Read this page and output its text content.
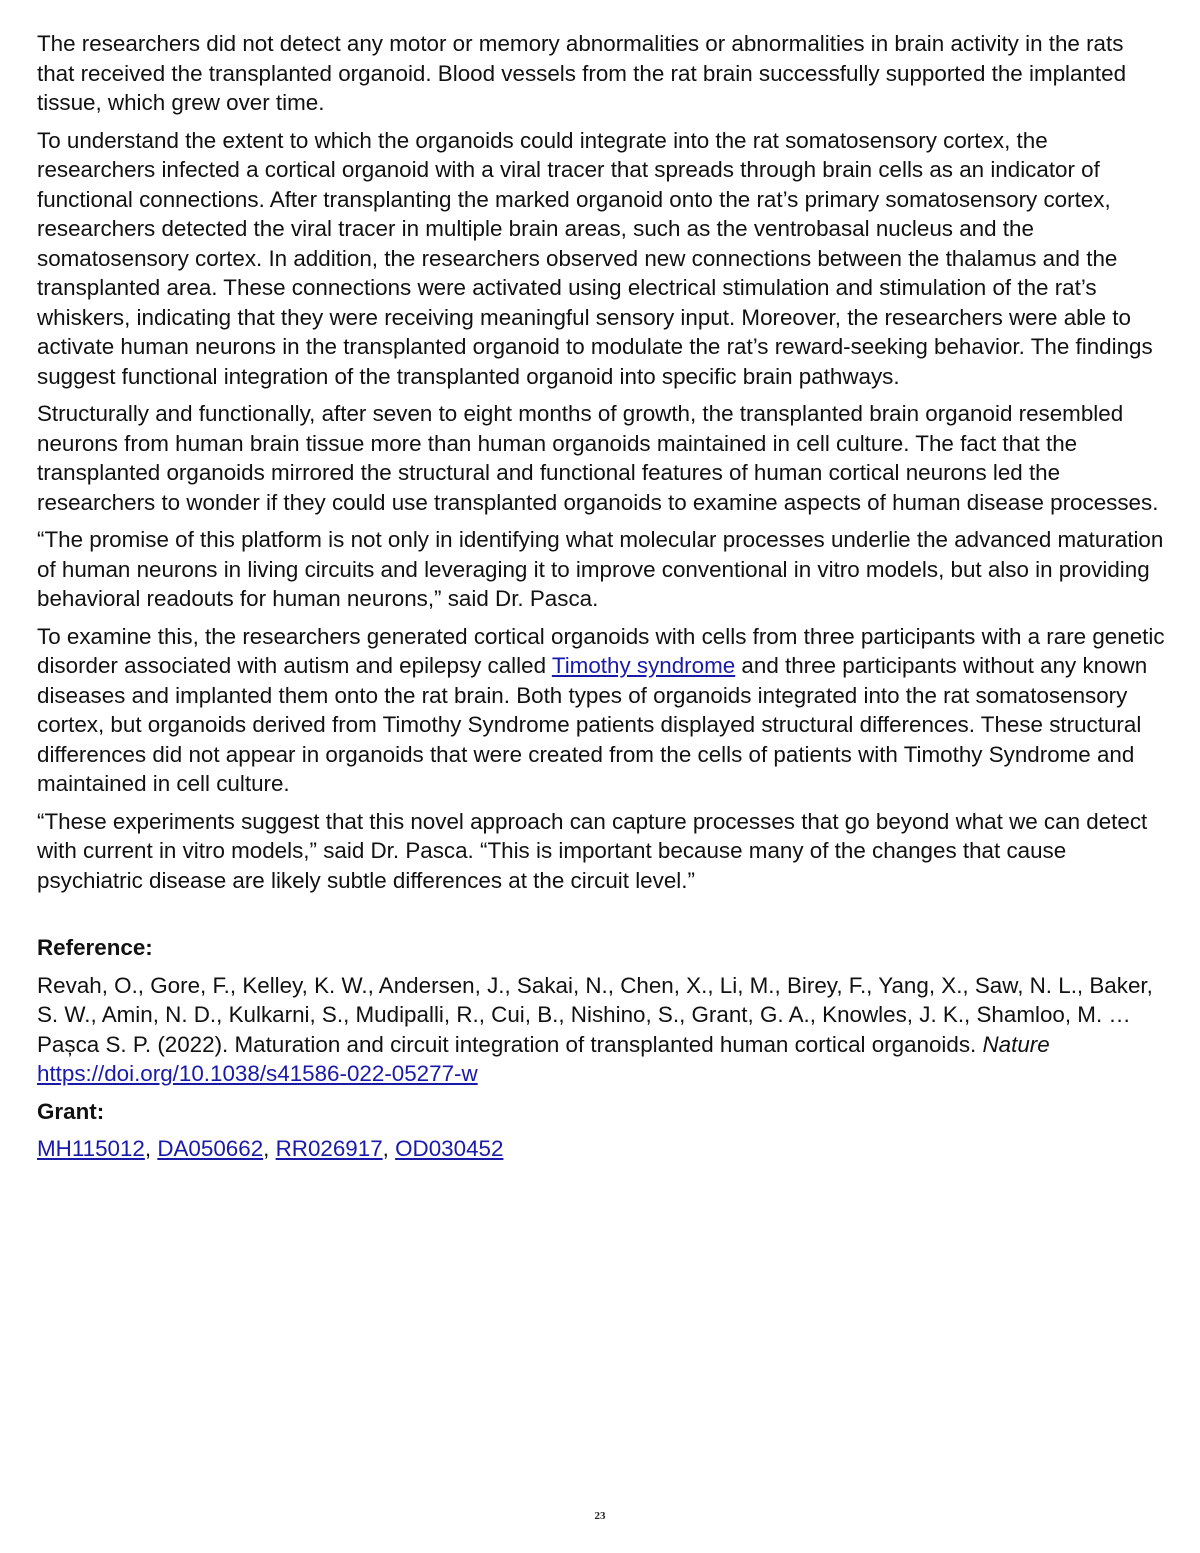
The researchers did not detect any motor or memory abnormalities or abnormalities in brain activity in the rats that received the transplanted organoid. Blood vessels from the rat brain successfully supported the implanted tissue, which grew over time.

To understand the extent to which the organoids could integrate into the rat somatosensory cortex, the researchers infected a cortical organoid with a viral tracer that spreads through brain cells as an indicator of functional connections. After transplanting the marked organoid onto the rat’s primary somatosensory cortex, researchers detected the viral tracer in multiple brain areas, such as the ventrobasal nucleus and the somatosensory cortex. In addition, the researchers observed new connections between the thalamus and the transplanted area. These connections were activated using electrical stimulation and stimulation of the rat’s whiskers, indicating that they were receiving meaningful sensory input. Moreover, the researchers were able to activate human neurons in the transplanted organoid to modulate the rat’s reward-seeking behavior. The findings suggest functional integration of the transplanted organoid into specific brain pathways.

Structurally and functionally, after seven to eight months of growth, the transplanted brain organoid resembled neurons from human brain tissue more than human organoids maintained in cell culture. The fact that the transplanted organoids mirrored the structural and functional features of human cortical neurons led the researchers to wonder if they could use transplanted organoids to examine aspects of human disease processes.

“The promise of this platform is not only in identifying what molecular processes underlie the advanced maturation of human neurons in living circuits and leveraging it to improve conventional in vitro models, but also in providing behavioral readouts for human neurons,” said Dr. Pasca.

To examine this, the researchers generated cortical organoids with cells from three participants with a rare genetic disorder associated with autism and epilepsy called Timothy syndrome and three participants without any known diseases and implanted them onto the rat brain. Both types of organoids integrated into the rat somatosensory cortex, but organoids derived from Timothy Syndrome patients displayed structural differences. These structural differences did not appear in organoids that were created from the cells of patients with Timothy Syndrome and maintained in cell culture.

“These experiments suggest that this novel approach can capture processes that go beyond what we can detect with current in vitro models,” said Dr. Pasca. “This is important because many of the changes that cause psychiatric disease are likely subtle differences at the circuit level.”

Reference:

Revah, O., Gore, F., Kelley, K. W., Andersen, J., Sakai, N., Chen, X., Li, M., Birey, F., Yang, X., Saw, N. L., Baker, S. W., Amin, N. D., Kulkarni, S., Mudipalli, R., Cui, B., Nishino, S., Grant, G. A., Knowles, J. K., Shamloo, M. … Pașca S. P. (2022). Maturation and circuit integration of transplanted human cortical organoids. Nature https://doi.org/10.1038/s41586-022-05277-w

Grant:

MH115012, DA050662, RR026917, OD030452

23
